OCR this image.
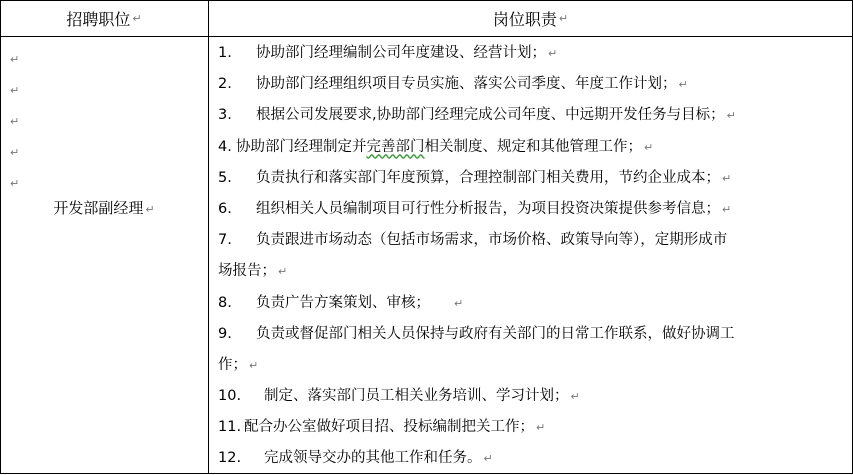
招聘职位 ↵	岗位职责 ↵
↵
↵
↵
↵
↵
开发部副经理 ↵
1. 协助部门经理编制公司年度建设、经营计划； ↵
2. 协助部门经理组织项目专员实施、落实公司季度、年度工作计划； ↵
3. 根据公司发展要求,协助部门经理完成公司年度、中远期开发任务与目标； ↵
4. 协助部门经理制定并完善部门相关制度、规定和其他管理工作； ↵
5. 负责执行和落实部门年度预算，合理控制部门相关费用，节约企业成本； ↵
6. 组织相关人员编制项目可行性分析报告，为项目投资决策提供参考信息； ↵
7. 负责跟进市场动态（包括市场需求，市场价格、政策导向等），定期形成市
场报告； ↵
8. 负责广告方案策划、审核； ↵
9. 负责或督促部门相关人员保持与政府有关部门的日常工作联系，做好协调工
作； ↵
10. 制定、落实部门员工相关业务培训、学习计划； ↵
11. 配合办公室做好项目招、投标编制把关工作； ↵
12. 完成领导交办的其他工作和任务。 ↵
